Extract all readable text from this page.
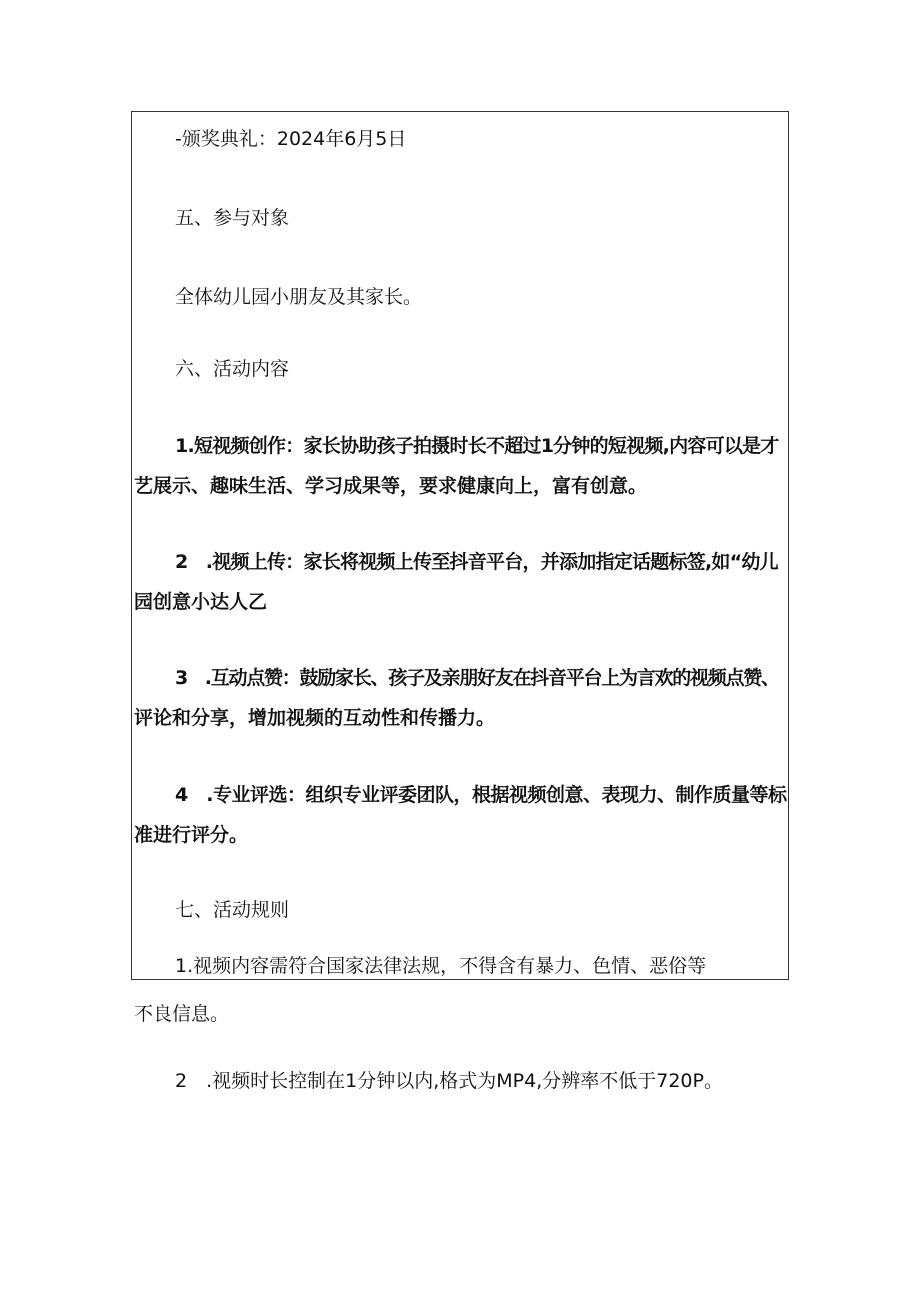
-颁奖典礼：2024年6月5日
五、参与对象
全体幼儿园小朋友及其家长。
六、活动内容
1.短视频创作：家长协助孩子拍摄时长不超过1分钟的短视频,内容可以是才
艺展示、趣味生活、学习成果等，要求健康向上，富有创意。
2　.视频上传：家长将视频上传至抖音平台，并添加指定话题标签,如“幼儿
园创意小达人乙
3　.互动点赞：鼓励家长、孩子及亲朋好友在抖音平台上为言欢的视频点赞、
评论和分享，增加视频的互动性和传播力。
4　.专业评选：组织专业评委团队，根据视频创意、表现力、制作质量等标
准进行评分。
七、活动规则
1.视频内容需符合国家法律法规，不得含有暴力、色情、恶俗等
不良信息。
2　.视频时长控制在1分钟以内,格式为MP4,分辨率不低于720P。
